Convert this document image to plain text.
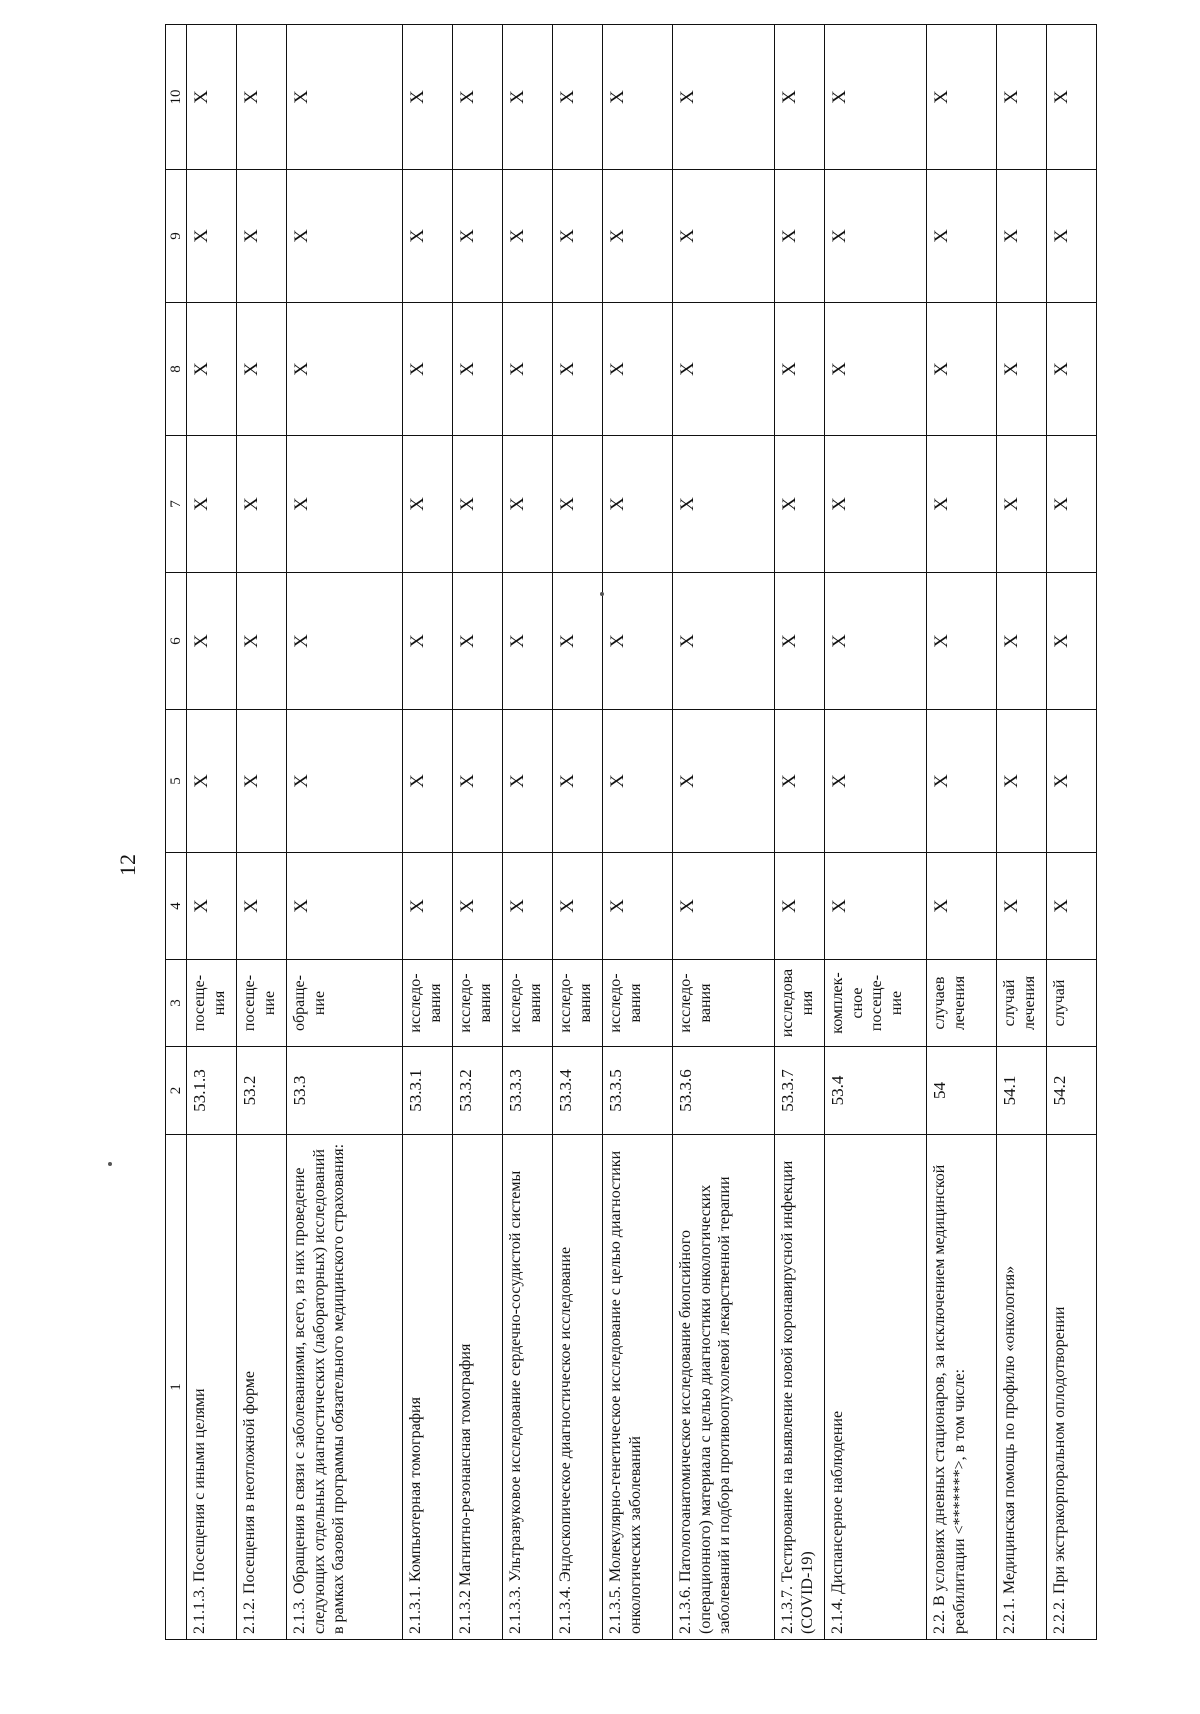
12
1	2	3	4	5	6	7	8	9	10
2.1.1.3. Посещения с иными целями	53.1.3	посеще-ния	X	X	X	X	X	X	X
2.1.2. Посещения в неотложной форме	53.2	посеще-ние	X	X	X	X	X	X	X
2.1.3. Обращения в связи с заболеваниями, всего, из них проведение следующих отдельных диагностических (лабораторных) исследований в рамках базовой программы обязательного медицинского страхования:	53.3	обраще-ние	X	X	X	X	X	X	X
2.1.3.1. Компьютерная томография	53.3.1	исследо-вания	X	X	X	X	X	X	X
2.1.3.2 Магнитно-резонансная томография	53.3.2	исследо-вания	X	X	X	X	X	X	X
2.1.3.3. Ультразвуковое исследование сердечно-сосудистой системы	53.3.3	исследо-вания	X	X	X	X	X	X	X
2.1.3.4. Эндоскопическое диагностическое исследование	53.3.4	исследо-вания	X	X	X	X	X	X	X
2.1.3.5. Молекулярно-генетическое исследование с целью диагностики онкологических заболеваний	53.3.5	исследо-вания	X	X	X	X	X	X	X
2.1.3.6. Патологоанатомическое исследование биопсийного (операционного) материала с целью диагностики онкологических заболеваний и подбора противоопухолевой лекарственной терапии	53.3.6	исследо-вания	X	X	X	X	X	X	X
2.1.3.7. Тестирование на выявление новой коронавирусной инфекции (COVID-19)	53.3.7	исследова ния	X	X	X	X	X	X	X
2.1.4. Диспансерное наблюдение	53.4	комплек-сное посеще-ние	X	X	X	X	X	X	X
2.2. В условиях дневных стационаров, за исключением медицинской реабилитации <*******>, в том числе:	54	случаев лечения	X	X	X	X	X	X	X
2.2.1. Медицинская помощь по профилю «онкология»	54.1	случай лечения	X	X	X	X	X	X	X
2.2.2. При экстракорпоральном оплодотворении	54.2	случай	X	X	X	X	X	X	X
